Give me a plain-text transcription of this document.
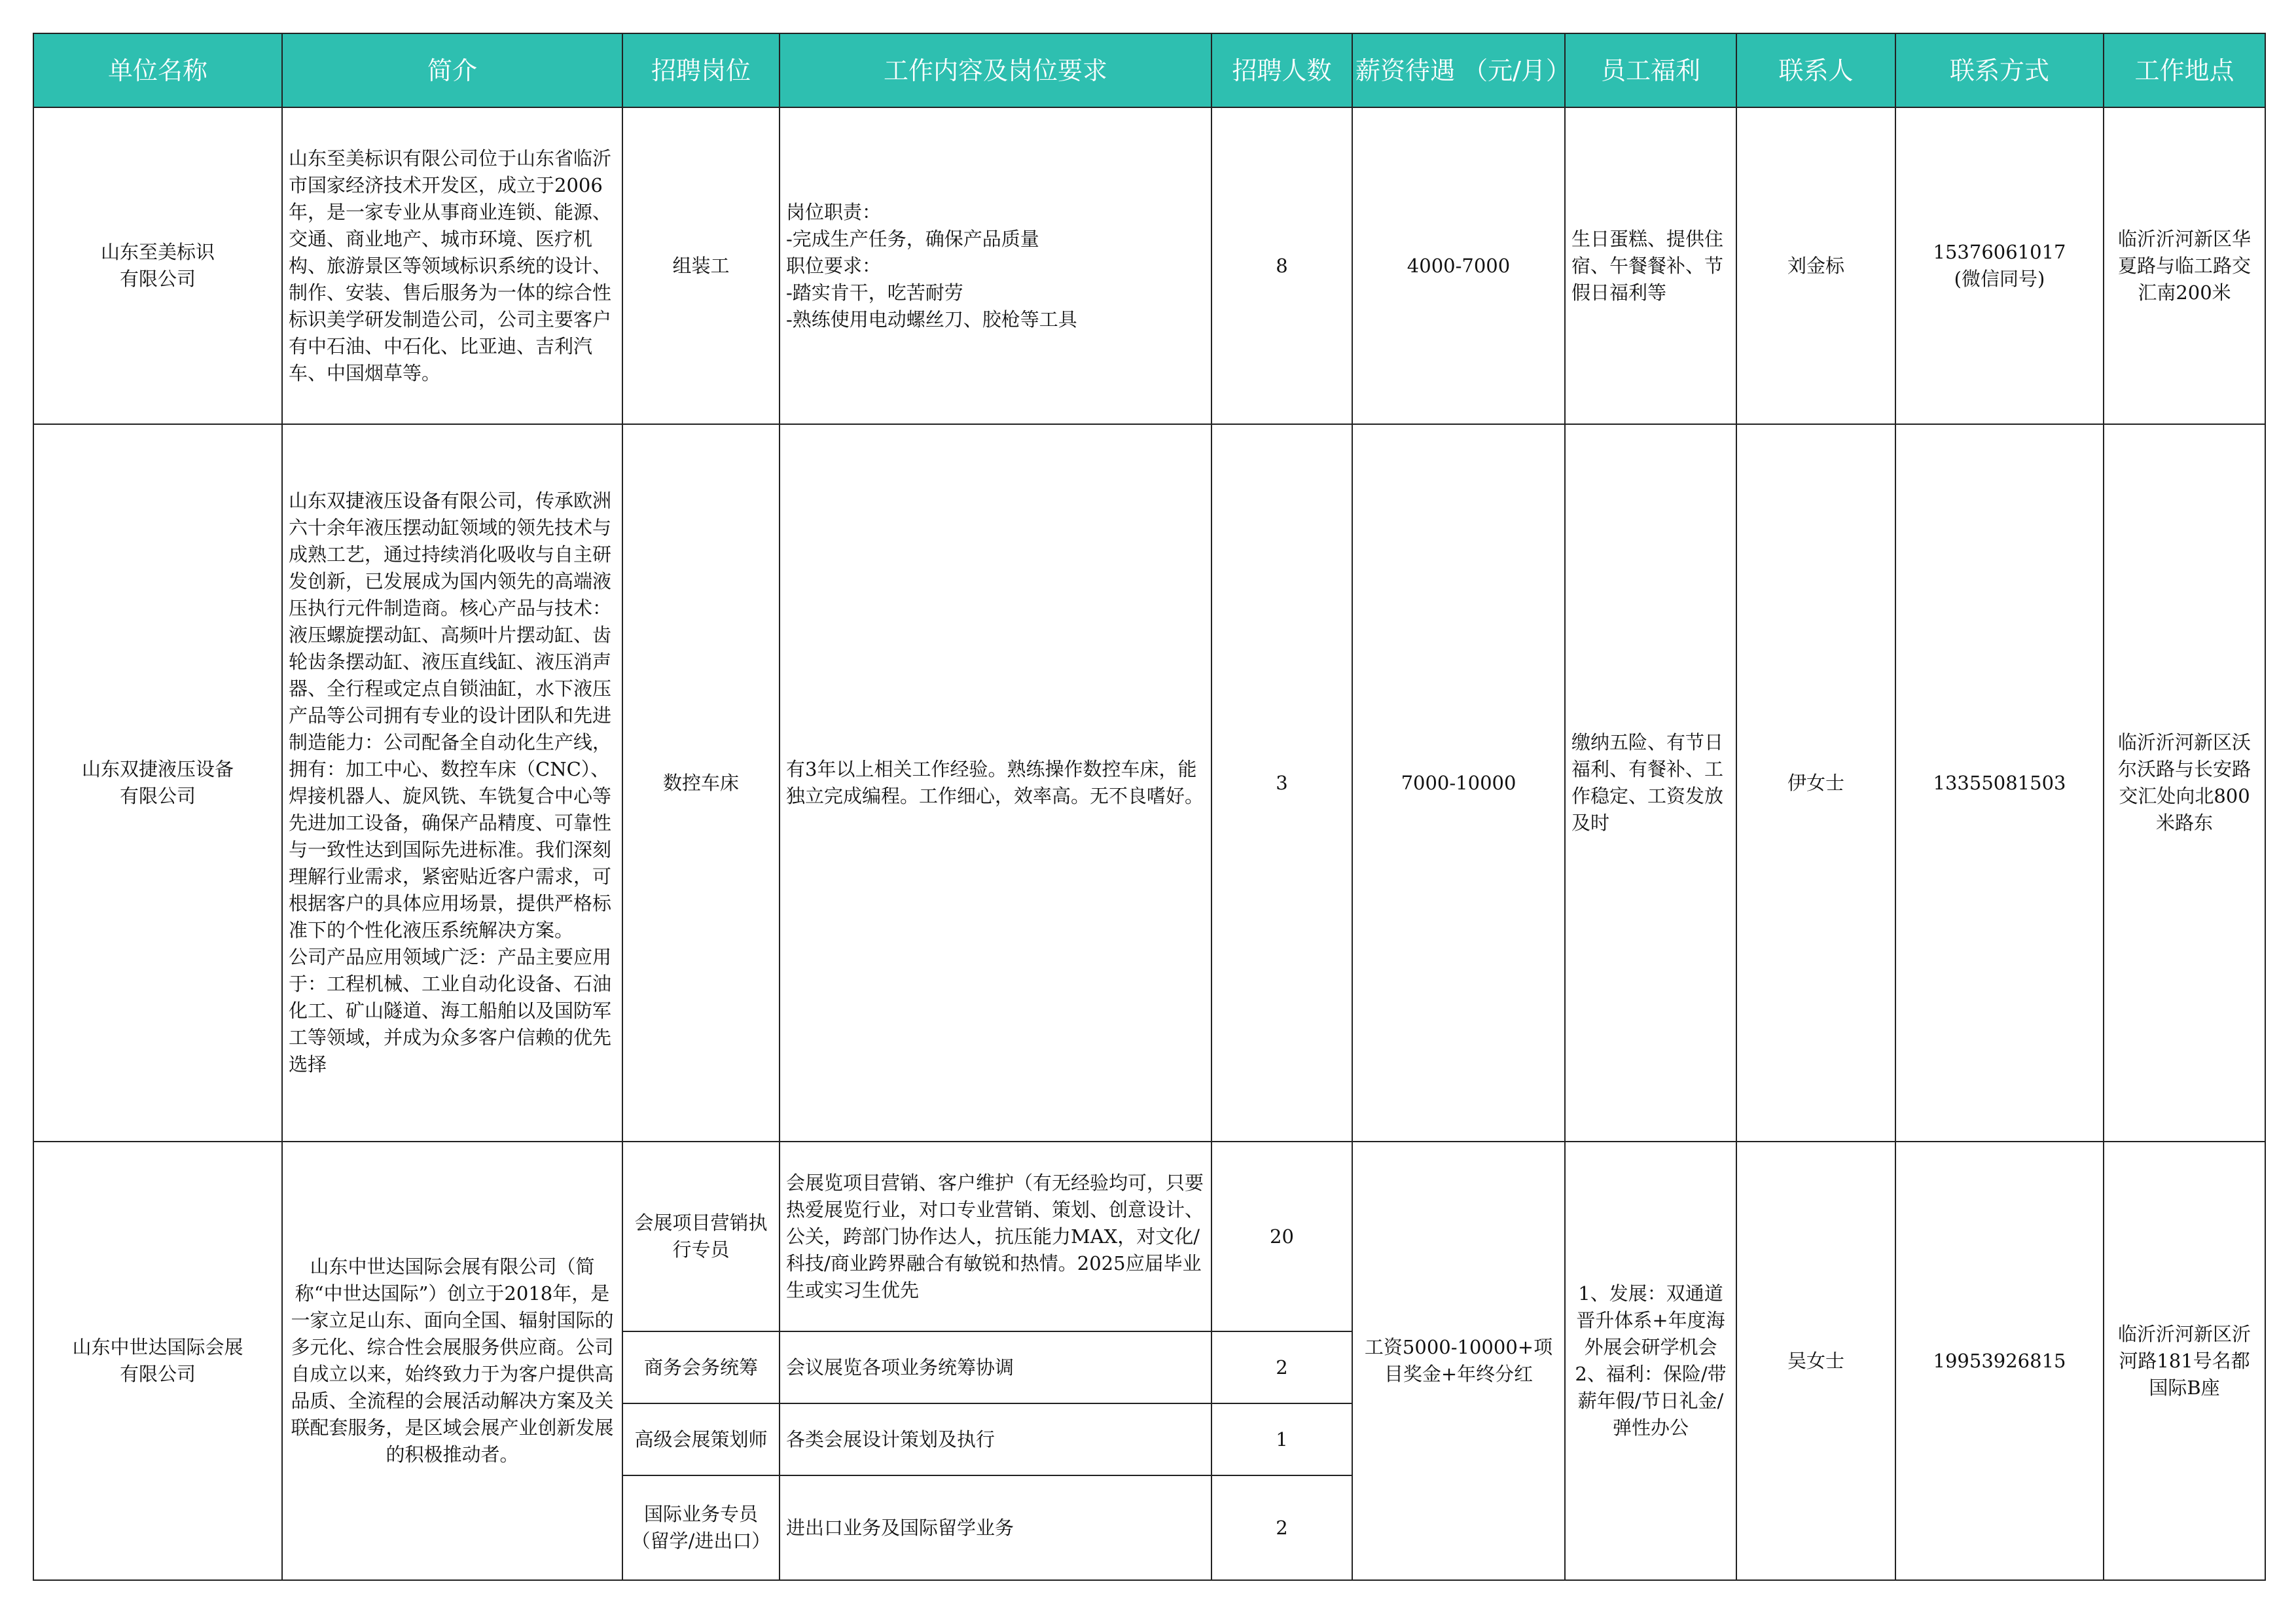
单位名称	简介	招聘岗位	工作内容及岗位要求	招聘人数	薪资待遇 （元/月）	员工福利	联系人	联系方式	工作地点
山东至美标识
有限公司	山东至美标识有限公司位于山东省临沂市国家经济技术开发区，成立于2006年，是一家专业从事商业连锁、能源、交通、商业地产、城市环境、医疗机构、旅游景区等领域标识系统的设计、制作、安装、售后服务为一体的综合性标识美学研发制造公司，公司主要客户有中石油、中石化、比亚迪、吉利汽车、中国烟草等。	组装工	岗位职责：
-完成生产任务，确保产品质量
职位要求：
-踏实肯干，吃苦耐劳
-熟练使用电动螺丝刀、胶枪等工具	8	4000-7000	生日蛋糕、提供住宿、午餐餐补、节假日福利等	刘金标	15376061017
(微信同号)	临沂沂河新区华夏路与临工路交汇南200米
山东双捷液压设备
有限公司	山东双捷液压设备有限公司，传承欧洲六十余年液压摆动缸领域的领先技术与成熟工艺，通过持续消化吸收与自主研发创新，已发展成为国内领先的高端液压执行元件制造商。核心产品与技术：液压螺旋摆动缸、高频叶片摆动缸、齿轮齿条摆动缸、液压直线缸、液压消声器、全行程或定点自锁油缸，水下液压产品等公司拥有专业的设计团队和先进制造能力：公司配备全自动化生产线，拥有：加工中心、数控车床（CNC）、焊接机器人、旋风铣、车铣复合中心等先进加工设备，确保产品精度、可靠性与一致性达到国际先进标准。我们深刻理解行业需求，紧密贴近客户需求，可根据客户的具体应用场景，提供严格标准下的个性化液压系统解决方案。
公司产品应用领域广泛：产品主要应用于：工程机械、工业自动化设备、石油化工、矿山隧道、海工船舶以及国防军工等领域，并成为众多客户信赖的优先选择	数控车床	有3年以上相关工作经验。熟练操作数控车床，能独立完成编程。工作细心，效率高。无不良嗜好。	3	7000-10000	缴纳五险、有节日福利、有餐补、工作稳定、工资发放及时	伊女士	13355081503	临沂沂河新区沃尔沃路与长安路交汇处向北800米路东
山东中世达国际会展
有限公司	山东中世达国际会展有限公司（简称“中世达国际”）创立于2018年，是一家立足山东、面向全国、辐射国际的多元化、综合性会展服务供应商。公司自成立以来，始终致力于为客户提供高品质、全流程的会展活动解决方案及关联配套服务，是区域会展产业创新发展的积极推动者。	会展项目营销执行专员	会展览项目营销、客户维护（有无经验均可，只要热爱展览行业，对口专业营销、策划、创意设计、公关，跨部门协作达人，抗压能力MAX，对文化/科技/商业跨界融合有敏锐和热情。2025应届毕业生或实习生优先	20	工资5000-10000+项目奖金+年终分红	1、发展：双通道晋升体系+年度海外展会研学机会
2、福利：保险/带薪年假/节日礼金/弹性办公	吴女士	19953926815	临沂沂河新区沂河路181号名都国际B座
		商务会务统筹	会议展览各项业务统筹协调	2					
		高级会展策划师	各类会展设计策划及执行	1					
		国际业务专员（留学/进出口）	进出口业务及国际留学业务	2					
